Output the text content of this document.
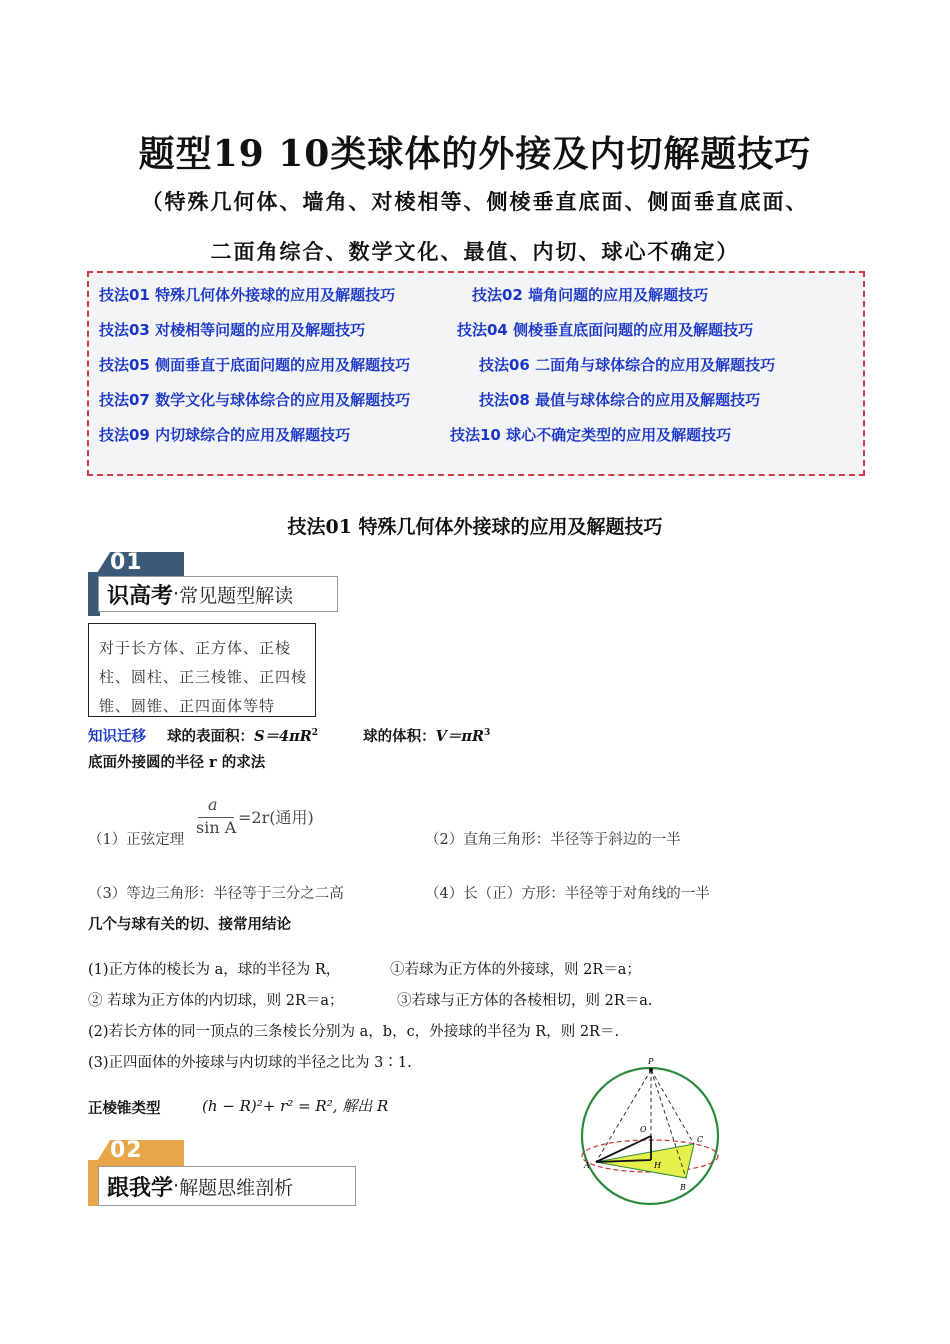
题型19 10类球体的外接及内切解题技巧
（特殊几何体、墙角、对棱相等、侧棱垂直底面、侧面垂直底面、
二面角综合、数学文化、最值、内切、球心不确定）
技法01 特殊几何体外接球的应用及解题技巧	技法02 墙角问题的应用及解题技巧
技法03 对棱相等问题的应用及解题技巧	技法04 侧棱垂直底面问题的应用及解题技巧
技法05 侧面垂直于底面问题的应用及解题技巧	技法06 二面角与球体综合的应用及解题技巧
技法07 数学文化与球体综合的应用及解题技巧	技法08 最值与球体综合的应用及解题技巧
技法09 内切球综合的应用及解题技巧	技法10 球心不确定类型的应用及解题技巧
技法01 特殊几何体外接球的应用及解题技巧
01
识高考 · 常见题型解读
对于长方体、正方体、正棱柱、圆柱、正三棱锥、正四棱锥、圆锥、正四面体等特
知识迁移 球的表面积：$S=4\pi R^2$	球的体积：$V=\pi R^3$
底面外接圆的半径 r 的求法
a
sin A
=2r(通用)
（1）正弦定理	（2）直角三角形：半径等于斜边的一半
（3）等边三角形：半径等于三分之二高	（4）长（正）方形：半径等于对角线的一半
几个与球有关的切、接常用结论
(1)正方体的棱长为 a，球的半径为 R，	①若球为正方体的外接球，则 2R＝a；
② 若球为正方体的内切球，则 2R＝a；	③若球与正方体的各棱相切，则 2R＝a.
(2)若长方体的同一顶点的三条棱长分别为 a，b，c，外接球的半径为 R，则 2R＝.
(3)正四面体的外接球与内切球的半径之比为 3∶1.
正棱锥类型	(h − R)²+ r² = R², 解出 R
P
O
C
A	H
B
02
跟我学 · 解题思维剖析
